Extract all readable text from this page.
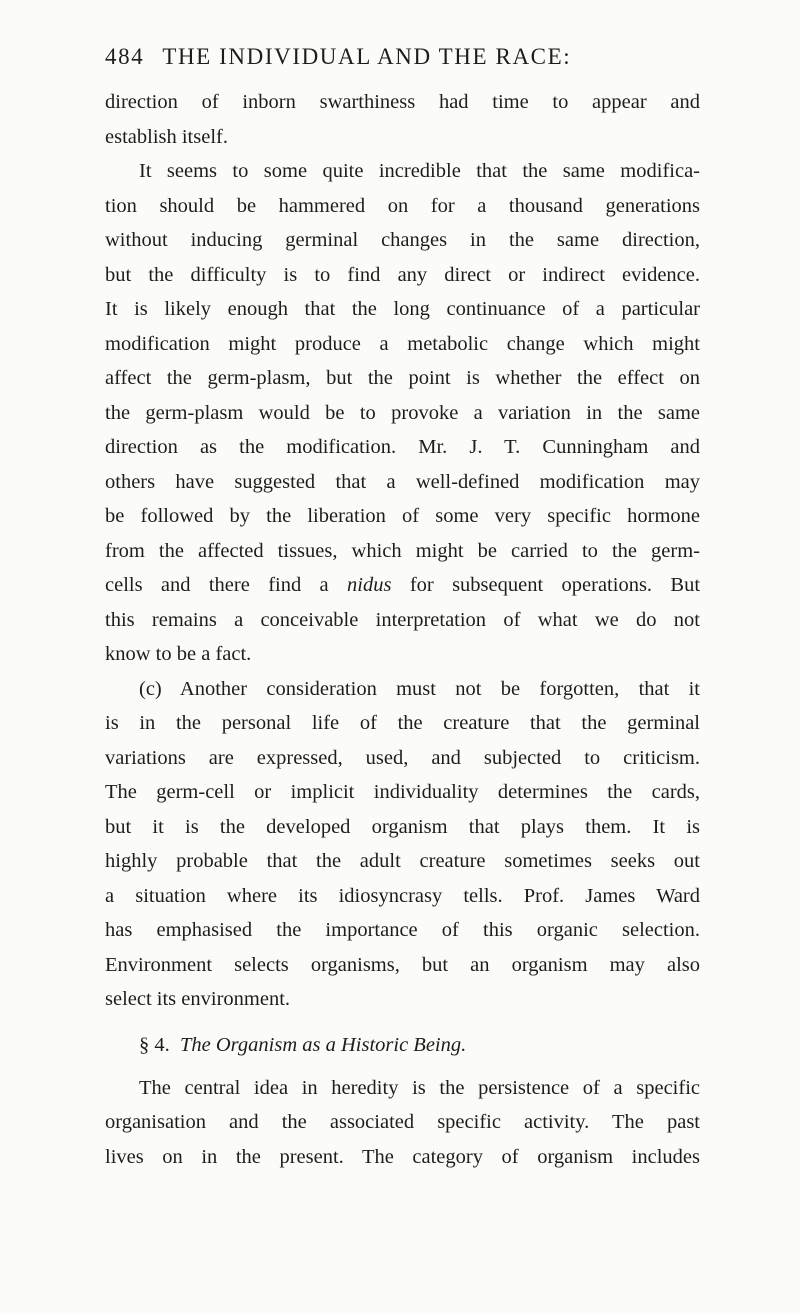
484 THE INDIVIDUAL AND THE RACE:
direction of inborn swarthiness had time to appear and
establish itself.
It seems to some quite incredible that the same modifica-
tion should be hammered on for a thousand generations
without inducing germinal changes in the same direction,
but the difficulty is to find any direct or indirect evidence.
It is likely enough that the long continuance of a particular
modification might produce a metabolic change which might
affect the germ-plasm, but the point is whether the effect on
the germ-plasm would be to provoke a variation in the same
direction as the modification. Mr. J. T. Cunningham and
others have suggested that a well-defined modification may
be followed by the liberation of some very specific hormone
from the affected tissues, which might be carried to the germ-
cells and there find a nidus for subsequent operations. But
this remains a conceivable interpretation of what we do not
know to be a fact.
(c) Another consideration must not be forgotten, that it
is in the personal life of the creature that the germinal
variations are expressed, used, and subjected to criticism.
The germ-cell or implicit individuality determines the cards,
but it is the developed organism that plays them. It is
highly probable that the adult creature sometimes seeks out
a situation where its idiosyncrasy tells. Prof. James Ward
has emphasised the importance of this organic selection.
Environment selects organisms, but an organism may also
select its environment.
§ 4. The Organism as a Historic Being.
The central idea in heredity is the persistence of a specific
organisation and the associated specific activity. The past
lives on in the present. The category of organism includes
